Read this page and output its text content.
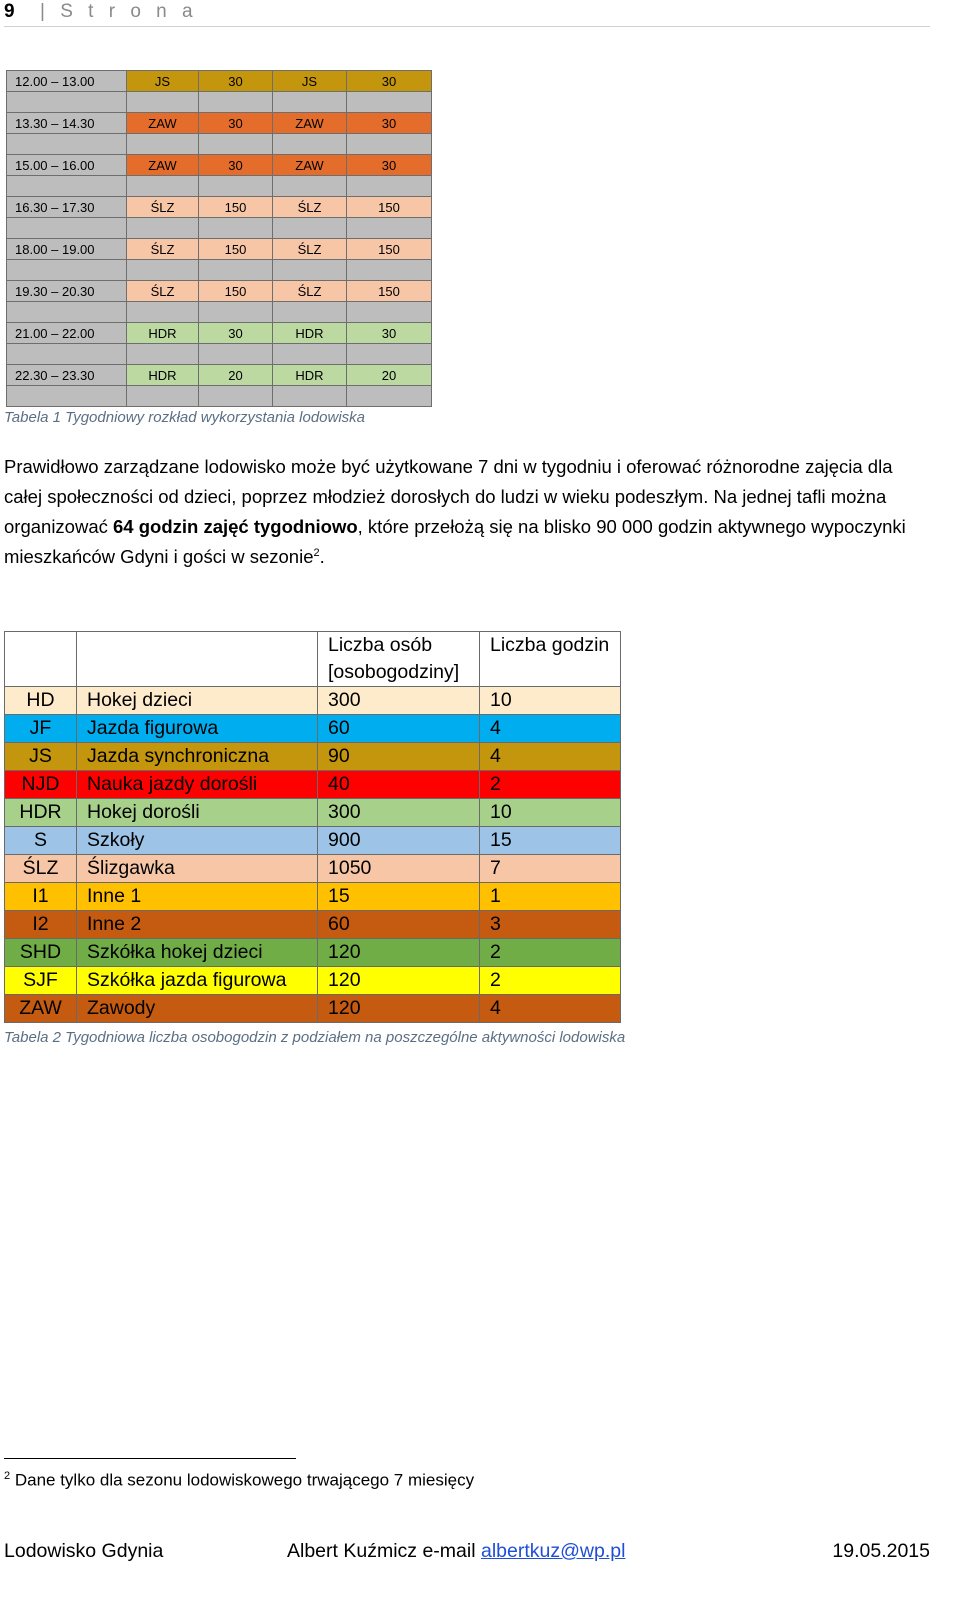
9 | S t r o n a
12.00 – 13.00	JS	30	JS	30

13.30 – 14.30	ZAW	30	ZAW	30

15.00 – 16.00	ZAW	30	ZAW	30

16.30 – 17.30	ŚLZ	150	ŚLZ	150

18.00 – 19.00	ŚLZ	150	ŚLZ	150

19.30 – 20.30	ŚLZ	150	ŚLZ	150

21.00 – 22.00	HDR	30	HDR	30

22.30 – 23.30	HDR	20	HDR	20

Tabela 1 Tygodniowy rozkład wykorzystania lodowiska
Prawidłowo zarządzane lodowisko może być użytkowane 7 dni w tygodniu i oferować różnorodne zajęcia dla całej społeczności od dzieci, poprzez młodzież dorosłych do ludzi w wieku podeszłym. Na jednej tafli można organizować 64 godzin zajęć tygodniowo, które przełożą się na blisko 90 000 godzin aktywnego wypoczynki mieszkańców Gdyni i gości w sezonie$^2$.
		Liczba osób [osobogodziny]	Liczba godzin
HD	Hokej dzieci	300	10
JF	Jazda figurowa	60	4
JS	Jazda synchroniczna	90	4
NJD	Nauka jazdy dorośli	40	2
HDR	Hokej dorośli	300	10
S	Szkoły	900	15
ŚLZ	Ślizgawka	1050	7
I1	Inne 1	15	1
I2	Inne 2	60	3
SHD	Szkółka hokej dzieci	120	2
SJF	Szkółka jazda figurowa	120	2
ZAW	Zawody	120	4
Tabela 2 Tygodniowa liczba osobogodzin z podziałem na poszczególne aktywności lodowiska
$^2$ Dane tylko dla sezonu lodowiskowego trwającego 7 miesięcy
Lodowisko Gdynia	Albert Kuźmicz e-mail albertkuz@wp.pl	19.05.2015
